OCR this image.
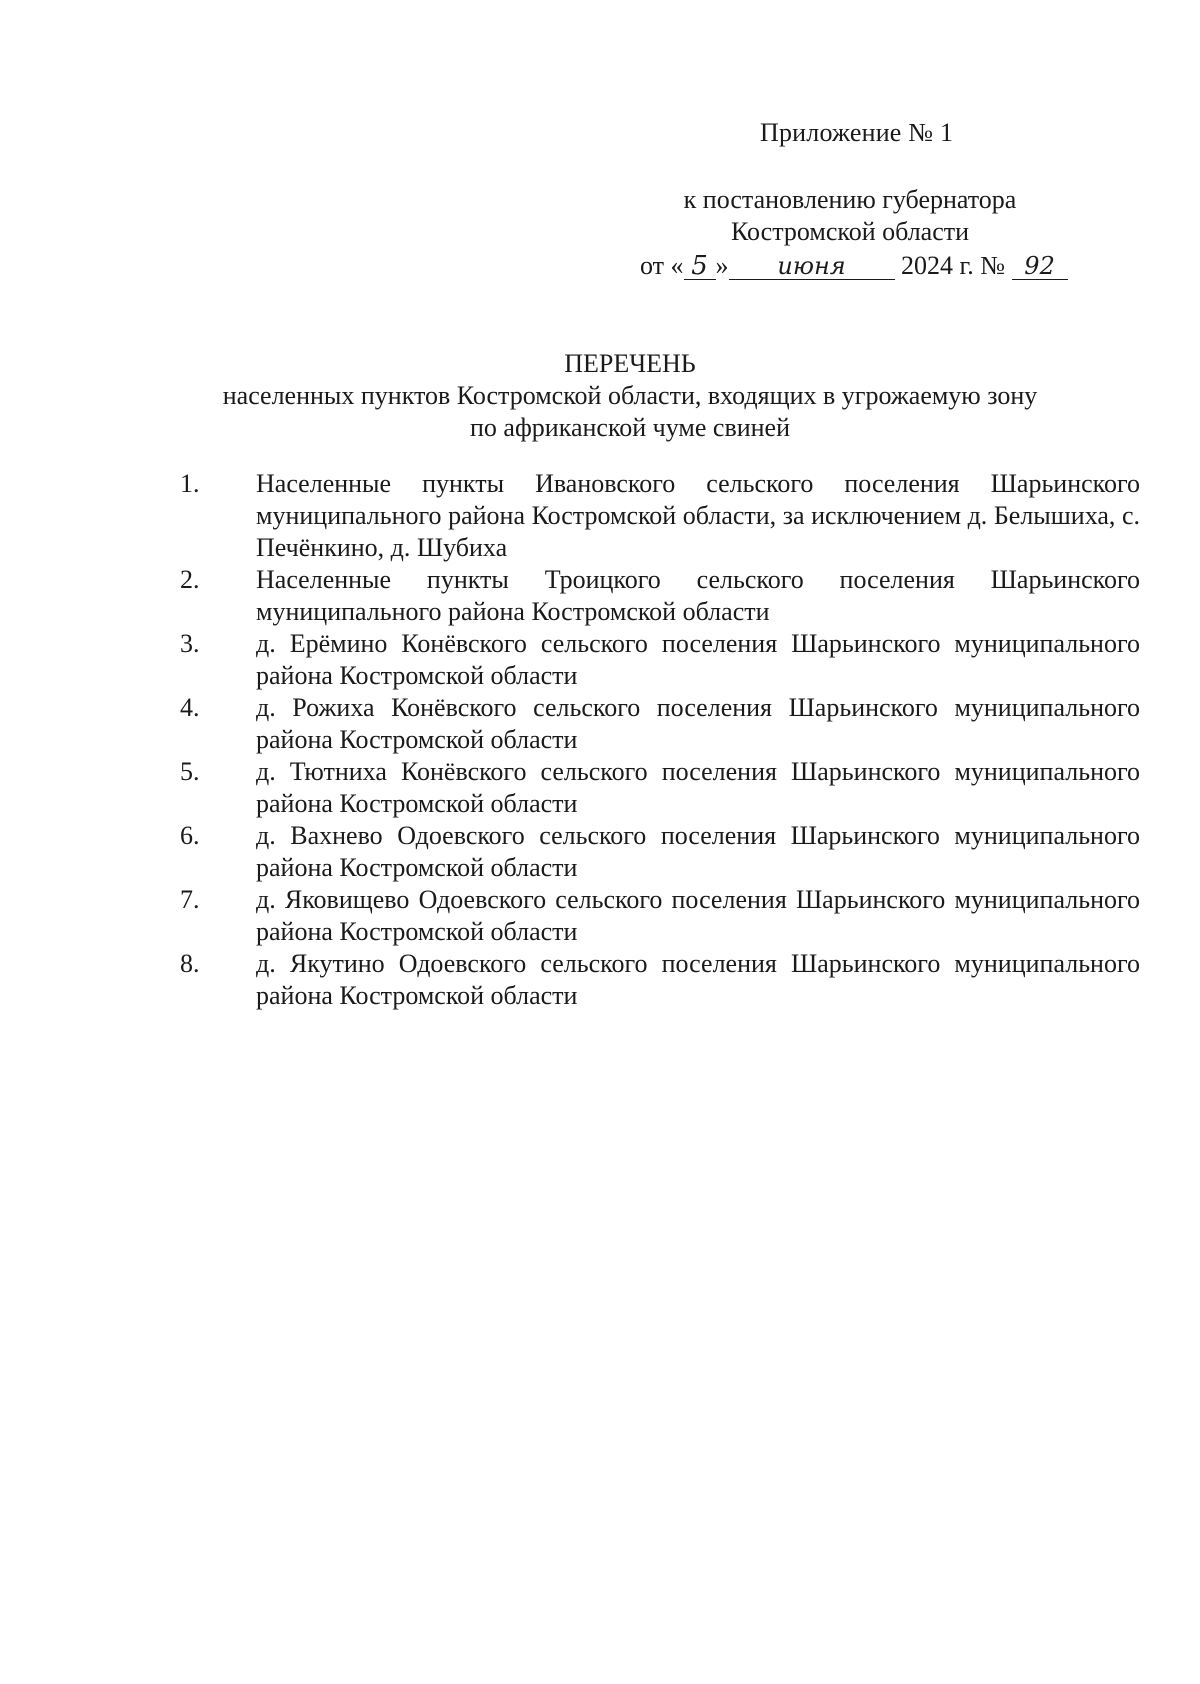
Приложение № 1
к постановлению губернатора
Костромской области
от « 5 » июня 2024 г. № 92
ПЕРЕЧЕНЬ
населенных пунктов Костромской области, входящих в угрожаемую зону
по африканской чуме свиней
1. Населенные пункты Ивановского сельского поселения Шарьинского муниципального района Костромской области, за исключением д. Белышиха, с. Печёнкино, д. Шубиха
2. Населенные пункты Троицкого сельского поселения Шарьинского муниципального района Костромской области
3. д. Ерёмино Конёвского сельского поселения Шарьинского муниципального района Костромской области
4. д. Рожиха Конёвского сельского поселения Шарьинского муниципального района Костромской области
5. д. Тютниха Конёвского сельского поселения Шарьинского муниципального района Костромской области
6. д. Вахнево Одоевского сельского поселения Шарьинского муниципального района Костромской области
7. д. Яковищево Одоевского сельского поселения Шарьинского муниципального района Костромской области
8. д. Якутино Одоевского сельского поселения Шарьинского муниципального района Костромской области
